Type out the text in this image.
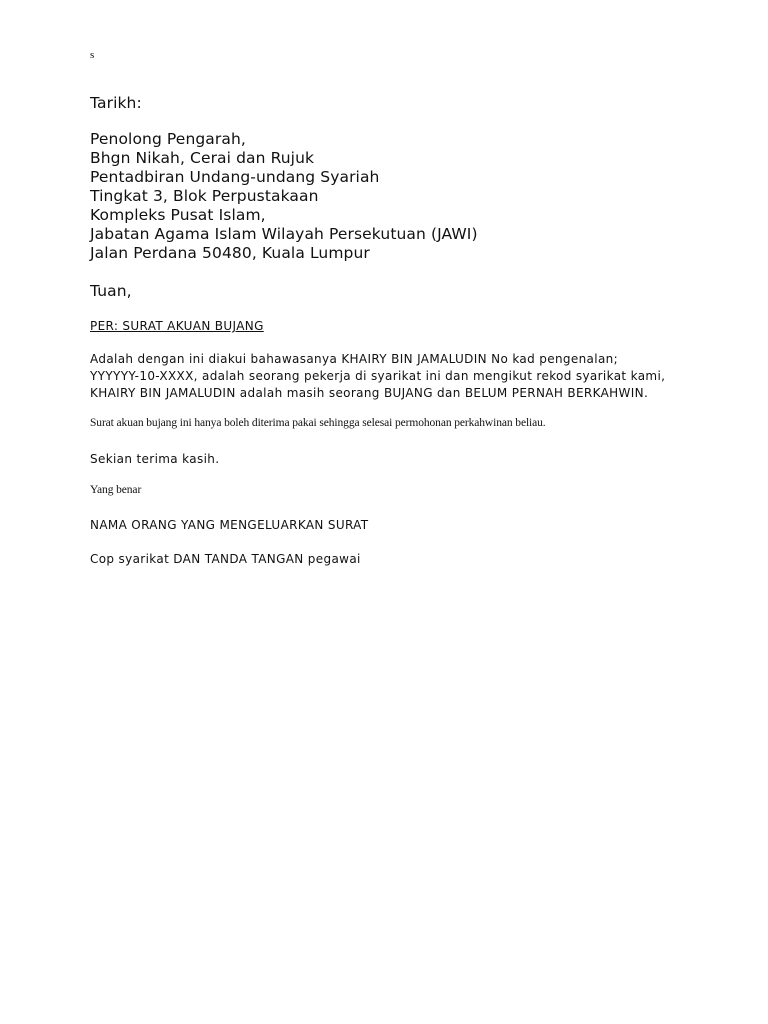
s
Tarikh:
Penolong Pengarah,
Bhgn Nikah, Cerai dan Rujuk
Pentadbiran Undang-undang Syariah
Tingkat 3, Blok Perpustakaan
Kompleks Pusat Islam,
Jabatan Agama Islam Wilayah Persekutuan (JAWI)
Jalan Perdana 50480, Kuala Lumpur
Tuan,
PER: SURAT AKUAN BUJANG
Adalah dengan ini diakui bahawasanya KHAIRY BIN JAMALUDIN No kad pengenalan;
YYYYYY-10-XXXX, adalah seorang pekerja di syarikat ini dan mengikut rekod syarikat kami,
KHAIRY BIN JAMALUDIN adalah masih seorang BUJANG dan BELUM PERNAH BERKAHWIN.
Surat akuan bujang ini hanya boleh diterima pakai sehingga selesai permohonan perkahwinan beliau.
Sekian terima kasih.
Yang benar
NAMA ORANG YANG MENGELUARKAN SURAT
Cop syarikat DAN TANDA TANGAN pegawai
